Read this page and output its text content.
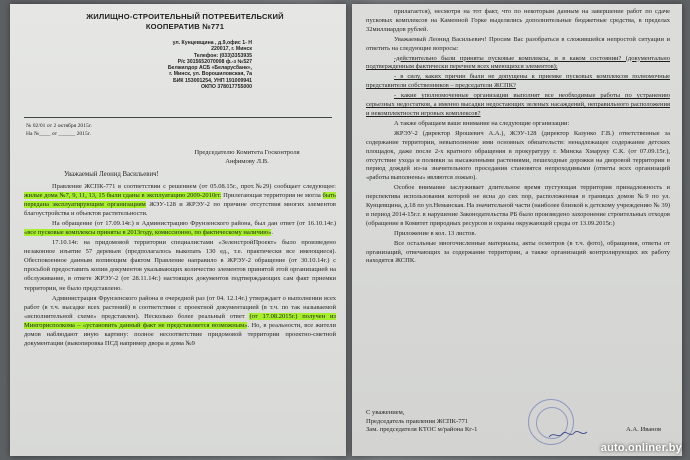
ЖИЛИЩНО-СТРОИТЕЛЬНЫЙ ПОТРЕБИТЕЛЬСКИЙ
КООПЕРАТИВ №771
ул. Кунцевщина , д.9,офис 1- Н
220017, г. Минск
Телефон: (033)3353935
Р/с 3015652070008 ф.-з №527
Белжилдор АСБ «Беларусбанк»,
г. Минск, ул. Ворошиловская, 7а
БИК 153001254, УНП 191009941
ОКПО 378017755000
№ 02/01 от 2 октября 2015г.
На №____ от ______ 2015г.
Председателю Комитета Госконтроля
Анфимову Л.В.
Уважаемый Леонид Васильевич!

Правление ЖСПК-771 в соответствии с решением (от 05.08.15г., прот.№29) сообщает следующее: жилые дома №7, 9, 11, 13, 15 были сданы в эксплуатацию 2009-2010гг. Прилегающая территория не могла быть передана эксплуатирующим организациям ЖЭУ-128 и ЖРЭУ-2 по причине отсутствия многих элементов благоустройства и объектов растительности.

На обращение (от 17.09.14г.) в Администрацию Фрунзенского района, был дан ответ (от 16.10.14г.) «все пусковые комплексы приняты в 2013году, комиссионно, по фактическому наличию».

17.10.14г. на придомовой территории специалистами «ЗеленстройПроект» было произведено незаконное изъятие 57 деревьев (предполагалось выкопать 130 ед., т.е. практически все имеющиеся). Обеспокоенное данным вопиющим фактом Правление направило в ЖРЭУ-2 обращение (от 30.10.14г.) с просьбой предоставить копии документов указывающих количество элементов принятой этой организацией на обслуживание, в ответе ЖРЭУ-2 (от 28.11.14г.) настоящих документов подтверждающих сам факт приемки территории, не было представлено.

Администрация Фрунзенского района в очередной раз (от 04. 12.14г.) утверждает о выполнении всех работ (в т.ч. высадке всех растений) в соответствии с проектной документацией (в т.ч. по так называемой «исполнительной схеме» представлен). Несколько более реальный ответ (от 17.08.2015г.) получен из Мингорисполкома – «установить данный факт не представляется возможным». Но, в реальности, все жители домов наблюдают иную картину: полное несоответствие придомовой территории проектно-сметной документации (выкопировка ПСД например двора и дома №9

прилагается), несмотря на тот факт, что по некоторым данным на завершение работ по сдаче пусковых комплексов на Каменной Горке выделялись дополнительные бюджетные средства, в пределах 32миллиардов рублей.

Уважаемый Леонид Васильевич! Просим Вас разобраться в сложившейся непростой ситуации и ответить на следующие вопросы:

-действительно были приняты пусковые комплексы, и в каком состоянии? (документально подтвержденным фактически перечнем всех имеющихся элементов);

- в силу, каких причин были не допущены к приемке пусковых комплексов полномочные представители собственников – председатели ЖСПК?

- какие уполномоченные организации выполнят все необходимые работы по устранению серьезных недостатков, а именно высадки недостающих зеленых насаждений, неправильного расположения и некомплектности игровых комплексов?

А также обращаем ваше внимание на следующие организации:

ЖРЭУ-2 (директор Ярошевич А.А.), ЖЭУ-128 (директор Казунко Г.В.) ответственные за содержание территории, невыполнение ими основных обязательств: ненадлежащее содержание детских площадок, даже после 2-х кратного обращения в прокуратуру г. Минска Хмаруку С.К. (от 07.09.15г.), отсутствие ухода и поливки за высаженными растениями, пешеходные дорожки на дворовой территории в период дождей из-за значительного проседания становятся непроходимыми (ответы всех организаций «работы выполнены» являются ложью).

Особое внимание заслуживает длительное время пустующая территория принадлежность и перспектива использования которой не ясна до сих пор, расположенная в границах домов №9 по ул. Кунцевщина, д.18 по ул.Неманская. На значительной части (наиболее близкой к детскому учреждению № 39) в период 2014-15г.г. в нарушение Законодательства РБ было произведено захоронение строительных отходов (обращение в Комитет природных ресурсов и охраны окружающей среды от 13.09.2015г.)

Приложение в кол. 13 листов.

Все остальные многочисленные материалы, акты осмотров (в т.ч. фото), обращения, ответы от организаций, отвечающих за содержание территории, а также организаций контролирующих их работу находятся ЖСПК.

С уважением,
Председатель правления ЖСПК-771
Зам. председателя КТОС м/района Кг-1	А.А. Иванов
auto.onliner.by
